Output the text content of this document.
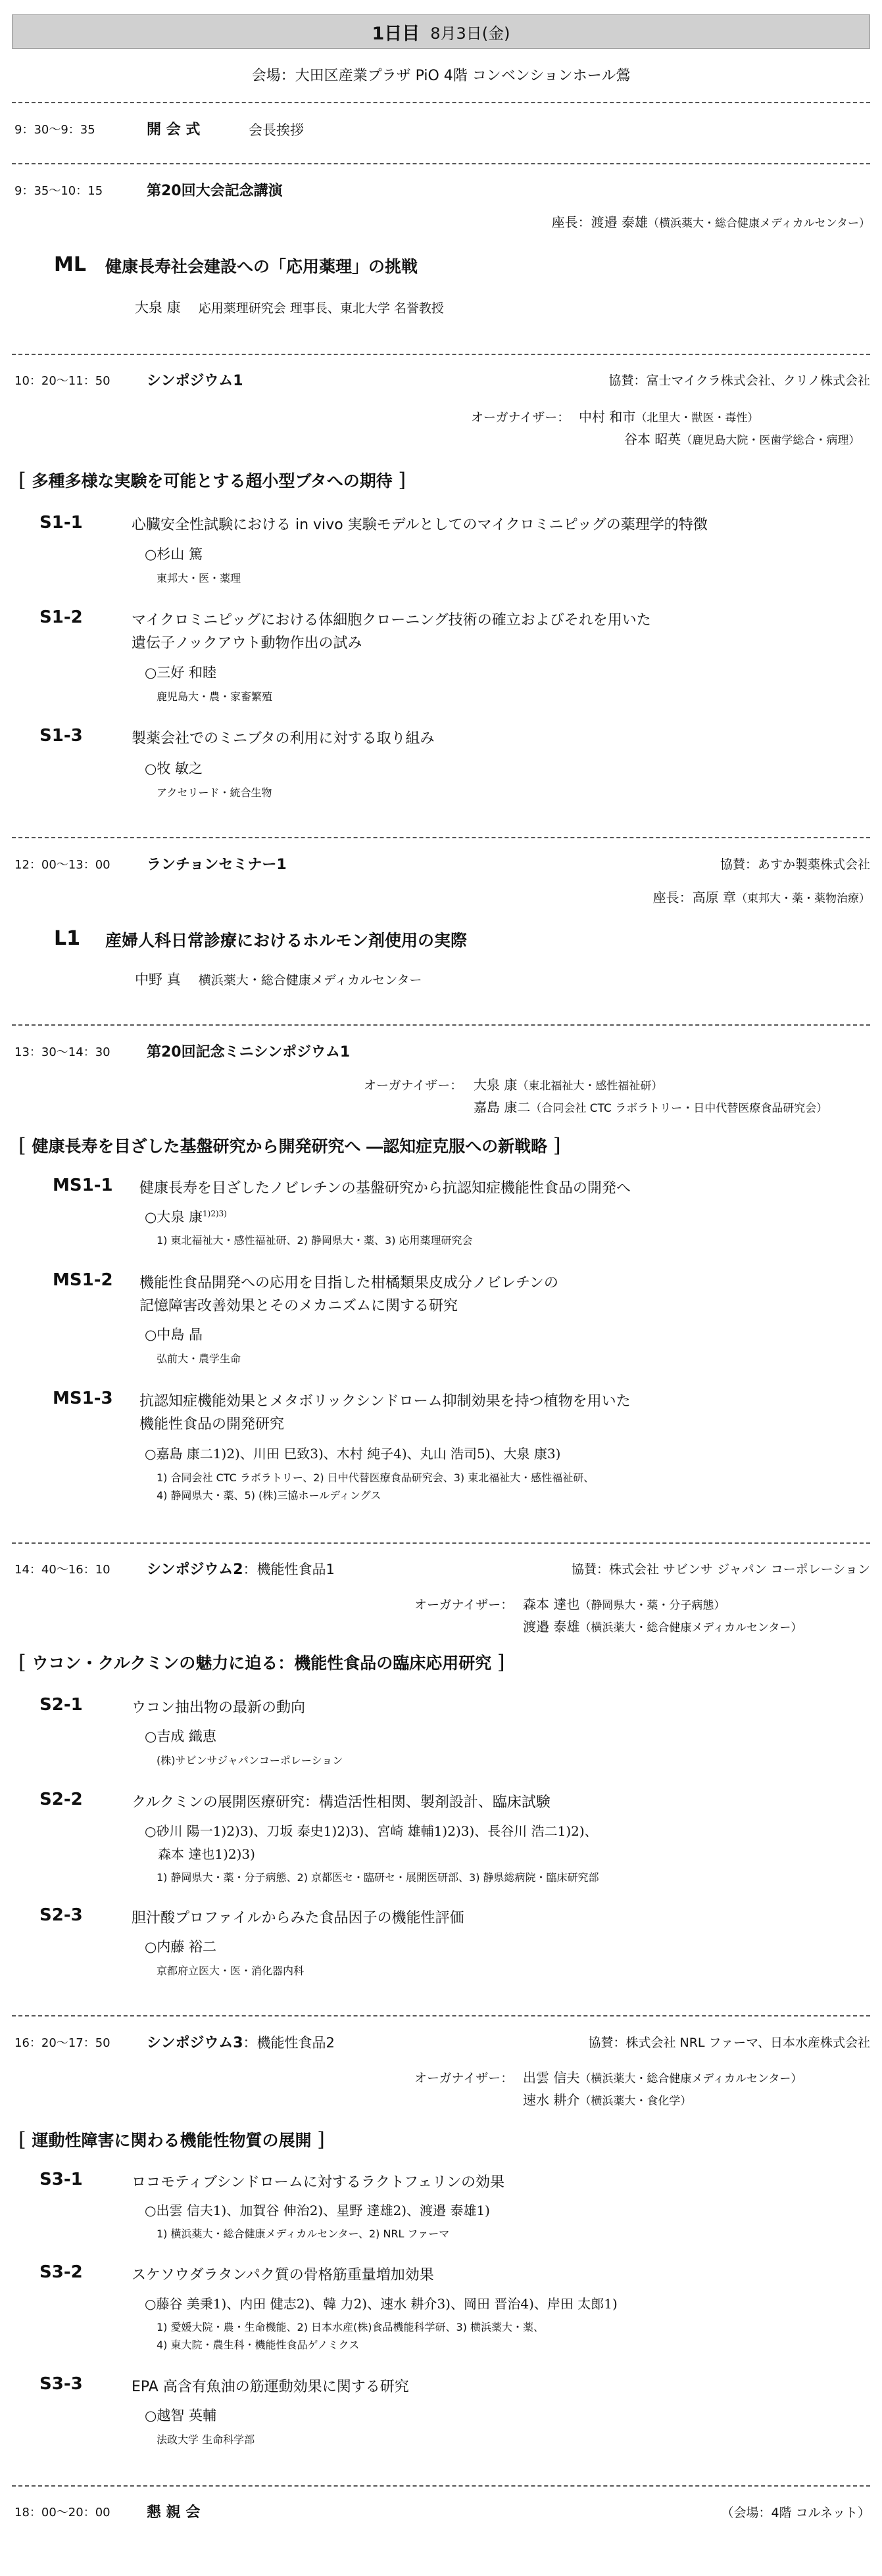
1日目 8月3日(金)
会場：大田区産業プラザ PiO 4階 コンベンションホール鶯
9：30～9：35	開 会 式	会長挨拶
9：35～10：15	第20回大会記念講演
座長：渡邉 泰雄（横浜薬大・総合健康メディカルセンター）
ML 健康長寿社会建設への「応用薬理」の挑戦
大泉 康 応用薬理研究会 理事長、東北大学 名誉教授
10：20～11：50	シンポジウム1	協賛：富士マイクラ株式会社、クリノ株式会社
オーガナイザー： 中村 和市（北里大・獣医・毒性）
谷本 昭英（鹿児島大院・医歯学総合・病理）
[ 多種多様な実験を可能とする超小型ブタへの期待 ]
S1-1	心臓安全性試験における in vivo 実験モデルとしてのマイクロミニピッグの薬理学的特徴
○杉山 篤
東邦大・医・薬理
S1-2	マイクロミニピッグにおける体細胞クローニング技術の確立およびそれを用いた
遺伝子ノックアウト動物作出の試み
○三好 和睦
鹿児島大・農・家畜繁殖
S1-3	製薬会社でのミニブタの利用に対する取り組み
○牧 敏之
アクセリード・統合生物
12：00～13：00	ランチョンセミナー1	協賛：あすか製薬株式会社
座長：高原 章（東邦大・薬・薬物治療）
L1 産婦人科日常診療におけるホルモン剤使用の実際
中野 真 横浜薬大・総合健康メディカルセンター
13：30～14：30	第20回記念ミニシンポジウム1
オーガナイザー： 大泉 康（東北福祉大・感性福祉研）
嘉島 康二（合同会社 CTC ラボラトリー・日中代替医療食品研究会）
[ 健康長寿を目ざした基盤研究から開発研究へ ―認知症克服への新戦略 ]
MS1-1 健康長寿を目ざしたノビレチンの基盤研究から抗認知症機能性食品の開発へ
○大泉 康$^{1)2)3)}$
1) 東北福祉大・感性福祉研、2) 静岡県大・薬、3) 応用薬理研究会
MS1-2 機能性食品開発への応用を目指した柑橘類果皮成分ノビレチンの
記憶障害改善効果とそのメカニズムに関する研究
○中島 晶
弘前大・農学生命
MS1-3 抗認知症機能効果とメタボリックシンドローム抑制効果を持つ植物を用いた
機能性食品の開発研究
○嘉島 康二1)2)、川田 巳致3)、木村 純子4)、丸山 浩司5)、大泉 康3)
1) 合同会社 CTC ラボラトリー、2) 日中代替医療食品研究会、3) 東北福祉大・感性福祉研、
4) 静岡県大・薬、5) (株)三協ホールディングス
14：40～16：10	シンポジウム2：機能性食品1	協賛：株式会社 サビンサ ジャパン コーポレーション
オーガナイザー： 森本 達也（静岡県大・薬・分子病態）
渡邉 泰雄（横浜薬大・総合健康メディカルセンター）
[ ウコン・クルクミンの魅力に迫る：機能性食品の臨床応用研究 ]
S2-1	ウコン抽出物の最新の動向
○吉成 織恵
(株)サビンサジャパンコーポレーション
S2-2	クルクミンの展開医療研究：構造活性相関、製剤設計、臨床試験
○砂川 陽一1)2)3)、刀坂 泰史1)2)3)、宮崎 雄輔1)2)3)、長谷川 浩二1)2)、
森本 達也1)2)3)
1) 静岡県大・薬・分子病態、2) 京都医セ・臨研セ・展開医研部、3) 静県総病院・臨床研究部
S2-3	胆汁酸プロファイルからみた食品因子の機能性評価
○内藤 裕二
京都府立医大・医・消化器内科
16：20～17：50	シンポジウム3：機能性食品2	協賛：株式会社 NRL ファーマ、日本水産株式会社
オーガナイザー： 出雲 信夫（横浜薬大・総合健康メディカルセンター）
速水 耕介（横浜薬大・食化学）
[ 運動性障害に関わる機能性物質の展開 ]
S3-1	ロコモティブシンドロームに対するラクトフェリンの効果
○出雲 信夫1)、加賀谷 伸治2)、星野 達雄2)、渡邉 泰雄1)
1) 横浜薬大・総合健康メディカルセンター、2) NRL ファーマ
S3-2	スケソウダラタンパク質の骨格筋重量増加効果
○藤谷 美秉1)、内田 健志2)、韓 力2)、速水 耕介3)、岡田 晋治4)、岸田 太郎1)
1) 愛媛大院・農・生命機能、2) 日本水産(株)食品機能科学研、3) 横浜薬大・薬、
4) 東大院・農生科・機能性食品ゲノミクス
S3-3	EPA 高含有魚油の筋運動効果に関する研究
○越智 英輔
法政大学 生命科学部
18：00～20：00	懇 親 会	（会場：4階 コルネット）
